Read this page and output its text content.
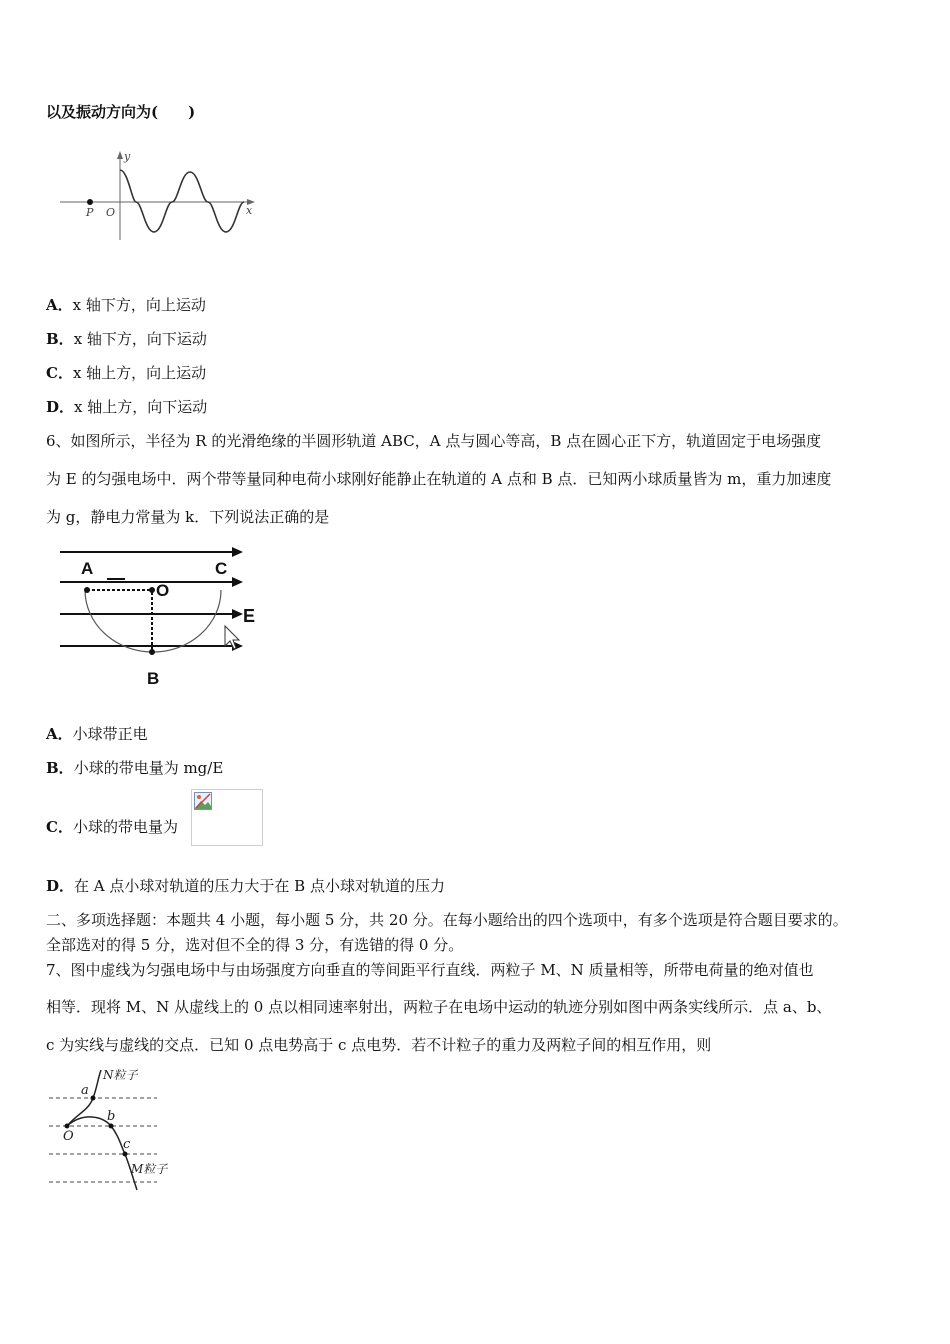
以及振动方向为(　　)
y
x
P O
A．x 轴下方，向上运动
B．x 轴下方，向下运动
C．x 轴上方，向上运动
D．x 轴上方，向下运动
6、如图所示，半径为 R 的光滑绝缘的半圆形轨道 ABC，A 点与圆心等高，B 点在圆心正下方，轨道固定于电场强度
为 E 的匀强电场中．两个带等量同种电荷小球刚好能静止在轨道的 A 点和 B 点．已知两小球质量皆为 m，重力加速度
为 g，静电力常量为 k．下列说法正确的是
A	C
O
E
B
A．小球带正电
B．小球的带电量为 mg/E
C．小球的带电量为
D．在 A 点小球对轨道的压力大于在 B 点小球对轨道的压力
二、多项选择题：本题共 4 小题，每小题 5 分，共 20 分。在每小题给出的四个选项中，有多个选项是符合题目要求的。
全部选对的得 5 分，选对但不全的得 3 分，有选错的得 0 分。
7、图中虚线为匀强电场中与由场强度方向垂直的等间距平行直线．两粒子 M、N 质量相等，所带电荷量的绝对值也
相等．现将 M、N 从虚线上的 0 点以相同速率射出，两粒子在电场中运动的轨迹分别如图中两条实线所示．点 a、b、
c 为实线与虚线的交点．已知 0 点电势高于 c 点电势．若不计粒子的重力及两粒子间的相互作用，则
O
a
b
c
N粒子
M粒子
